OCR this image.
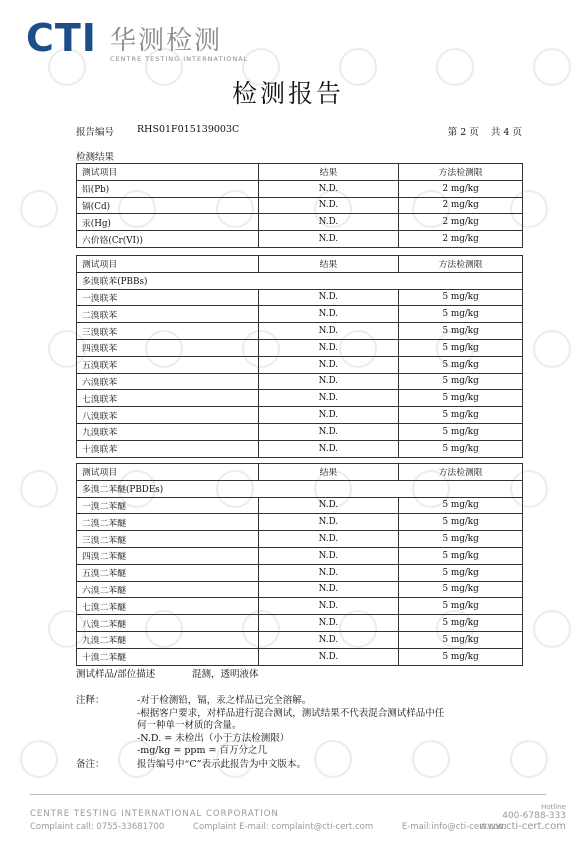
CTI 华测检测
CENTRE TESTING INTERNATIONAL
检测报告
报告编号 RHS01F015139003C	第 2 页    共 4 页
检测结果
测试项目	结果	方法检测限
铅(Pb)	N.D.	2 mg/kg
镉(Cd)	N.D.	2 mg/kg
汞(Hg)	N.D.	2 mg/kg
六价铬(Cr(VI))	N.D.	2 mg/kg
测试项目	结果	方法检测限
多溴联苯(PBBs)		
一溴联苯	N.D.	5 mg/kg
二溴联苯	N.D.	5 mg/kg
三溴联苯	N.D.	5 mg/kg
四溴联苯	N.D.	5 mg/kg
五溴联苯	N.D.	5 mg/kg
六溴联苯	N.D.	5 mg/kg
七溴联苯	N.D.	5 mg/kg
八溴联苯	N.D.	5 mg/kg
九溴联苯	N.D.	5 mg/kg
十溴联苯	N.D.	5 mg/kg
测试项目	结果	方法检测限
多溴二苯醚(PBDEs)		
一溴二苯醚	N.D.	5 mg/kg
二溴二苯醚	N.D.	5 mg/kg
三溴二苯醚	N.D.	5 mg/kg
四溴二苯醚	N.D.	5 mg/kg
五溴二苯醚	N.D.	5 mg/kg
六溴二苯醚	N.D.	5 mg/kg
七溴二苯醚	N.D.	5 mg/kg
八溴二苯醚	N.D.	5 mg/kg
九溴二苯醚	N.D.	5 mg/kg
十溴二苯醚	N.D.	5 mg/kg
测试样品/部位描述	混测，透明液体
注释：	-对于检测铅，镉，汞之样品已完全溶解。
-根据客户要求，对样品进行混合测试，测试结果不代表混合测试样品中任
何一种单一材质的含量。
-N.D. = 未检出（小于方法检测限）
-mg/kg = ppm = 百万分之几
备注：	报告编号中“C”表示此报告为中文版本。
CENTRE TESTING INTERNATIONAL CORPORATION
Complaint call: 0755-33681700	Complaint E-mail: complaint@cti-cert.com	E-mail:info@cti-cert.com
Hotline
400-6788-333
www.cti-cert.com
